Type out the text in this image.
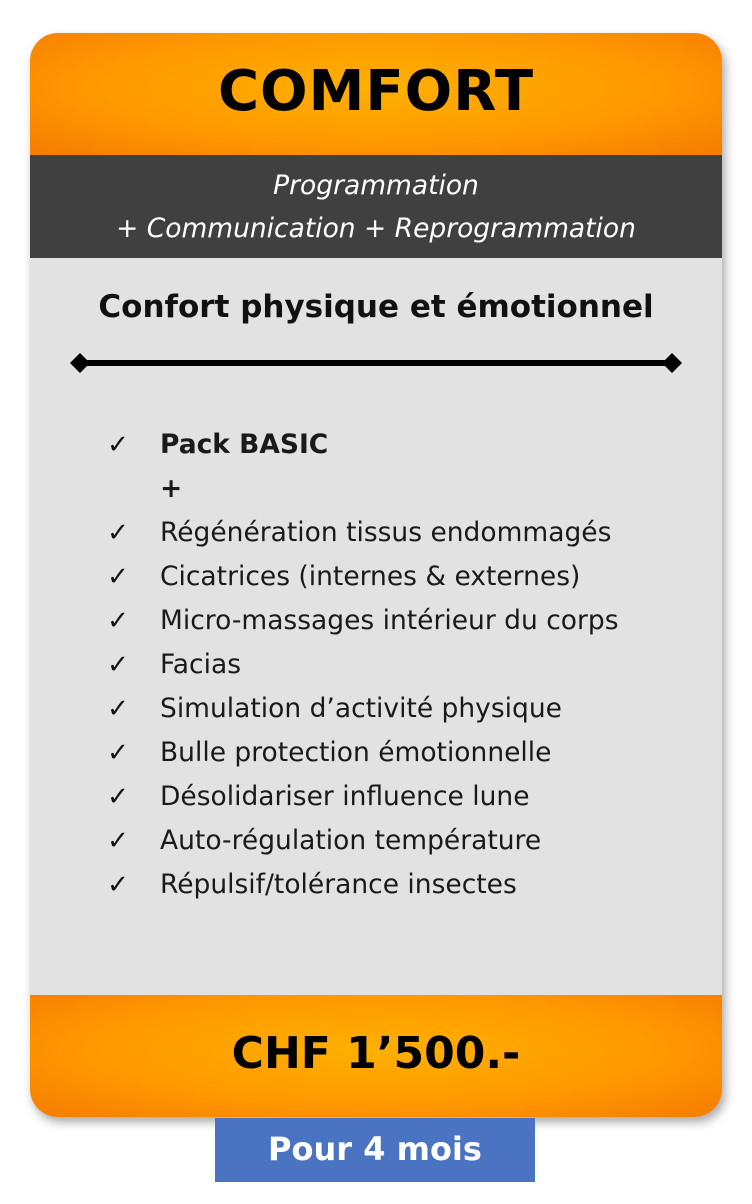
COMFORT
Programmation
+ Communication + Reprogrammation
Confort physique et émotionnel
✓	Pack BASIC
+
✓	Régénération tissus endommagés
✓	Cicatrices (internes & externes)
✓	Micro-massages intérieur du corps
✓	Facias
✓	Simulation d’activité physique
✓	Bulle protection émotionnelle
✓	Désolidariser influence lune
✓	Auto-régulation température
✓	Répulsif/tolérance insectes
CHF 1’500.-
Pour 4 mois
